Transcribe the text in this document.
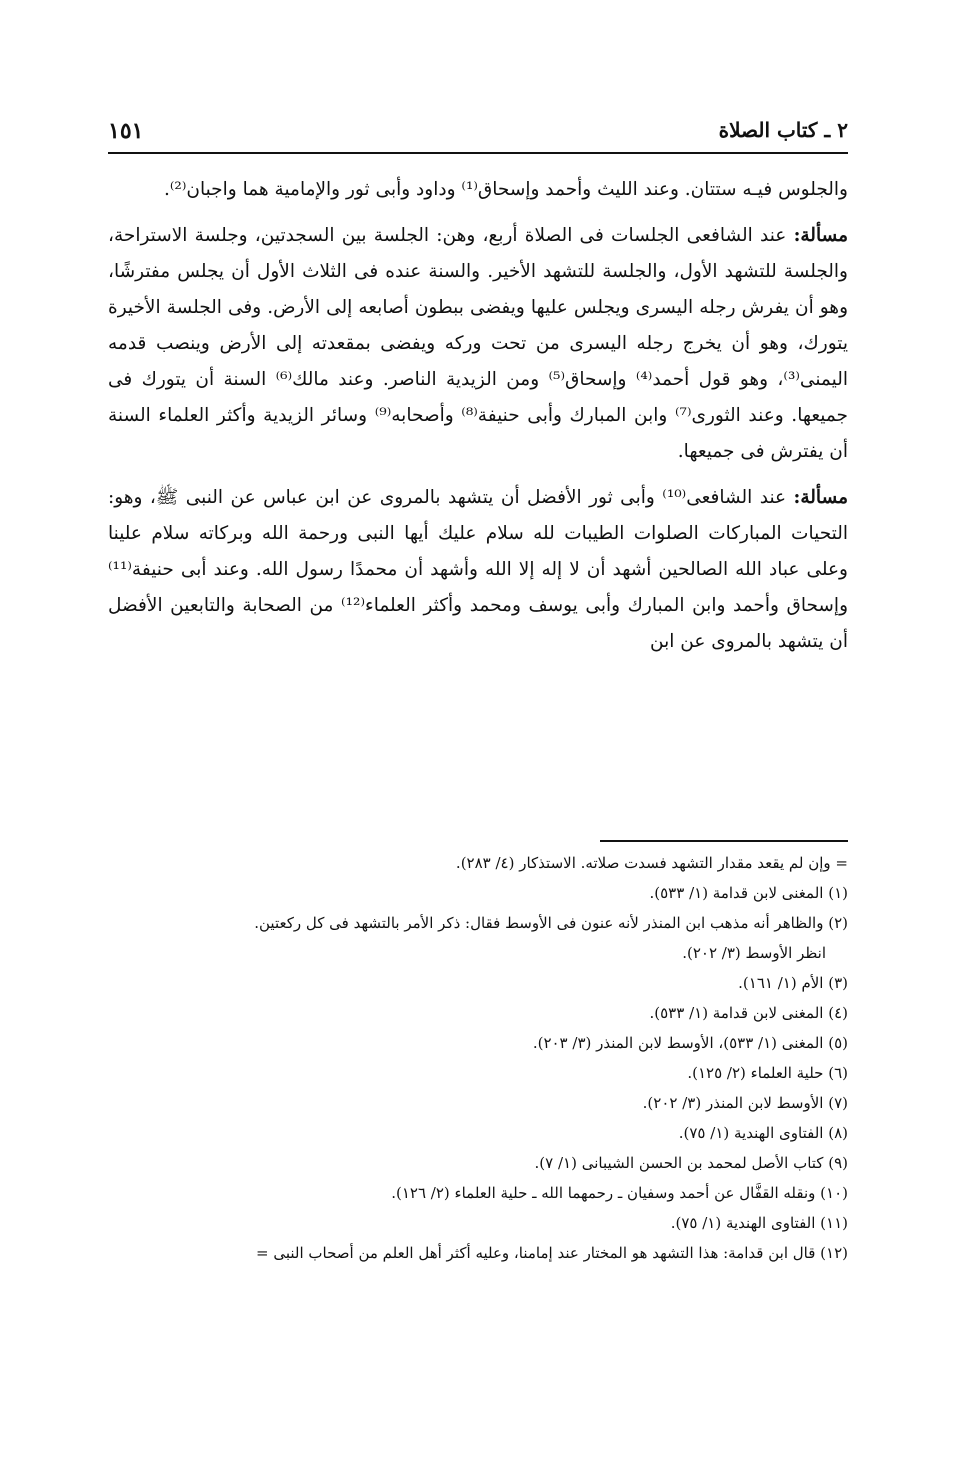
٢ ـ كتاب الصلاة
١٥١

والجلوس فيـه ستتان. وعند الليث وأحمد وإسحاق⁽¹⁾ وداود وأبى ثور والإمامية هما واجبان⁽²⁾.

مسألة: عند الشافعى الجلسات فى الصلاة أربع، وهن: الجلسة بين السجدتين، وجلسة الاستراحة، والجلسة للتشهد الأول، والجلسة للتشهد الأخير. والسنة عنده فى الثلاث الأول أن يجلس مفترشًا، وهو أن يفرش رجله اليسرى ويجلس عليها ويفضى ببطون أصابعه إلى الأرض. وفى الجلسة الأخيرة يتورك، وهو أن يخرج رجله اليسرى من تحت وركه ويفضى بمقعدته إلى الأرض وينصب قدمه اليمنى⁽³⁾، وهو قول أحمد⁽⁴⁾ وإسحاق⁽⁵⁾ ومن الزيدية الناصر. وعند مالك⁽⁶⁾ السنة أن يتورك فى جميعها. وعند الثورى⁽⁷⁾ وابن المبارك وأبى حنيفة⁽⁸⁾ وأصحابه⁽⁹⁾ وسائر الزيدية وأكثر العلماء السنة أن يفترش فى جميعها.

مسألة: عند الشافعى⁽¹⁰⁾ وأبى ثور الأفضل أن يتشهد بالمروى عن ابن عباس عن النبى ﷺ، وهو: التحيات المباركات الصلوات الطيبات لله سلام عليك أيها النبى ورحمة الله وبركاته سلام علينا وعلى عباد الله الصالحين أشهد أن لا إله إلا الله وأشهد أن محمدًا رسول الله. وعند أبى حنيفة⁽¹¹⁾ وإسحاق وأحمد وابن المبارك وأبى يوسف ومحمد وأكثر العلماء⁽¹²⁾ من الصحابة والتابعين الأفضل أن يتشهد بالمروى عن ابن

= وإن لم يقعد مقدار التشهد فسدت صلاته. الاستذكار (٤/ ٢٨٣).

(١) المغنى لابن قدامة (١/ ٥٣٣).

(٢) والظاهر أنه مذهب ابن المنذر لأنه عنون فى الأوسط فقال: ذكر الأمر بالتشهد فى كل ركعتين.

انظر الأوسط (٣/ ٢٠٢).

(٣) الأم (١/ ١٦١).

(٤) المغنى لابن قدامة (١/ ٥٣٣).

(٥) المغنى (١/ ٥٣٣)، الأوسط لابن المنذر (٣/ ٢٠٣).

(٦) حلية العلماء (٢/ ١٢٥).

(٧) الأوسط لابن المنذر (٣/ ٢٠٢).

(٨) الفتاوى الهندية (١/ ٧٥).

(٩) كتاب الأصل لمحمد بن الحسن الشيبانى (١/ ٧).

(١٠) ونقله القفَّال عن أحمد وسفيان ـ رحمهما الله ـ حلية العلماء (٢/ ١٢٦).

(١١) الفتاوى الهندية (١/ ٧٥).

(١٢) قال ابن قدامة: هذا التشهد هو المختار عند إمامنا، وعليه أكثر أهل العلم من أصحاب النبى =
